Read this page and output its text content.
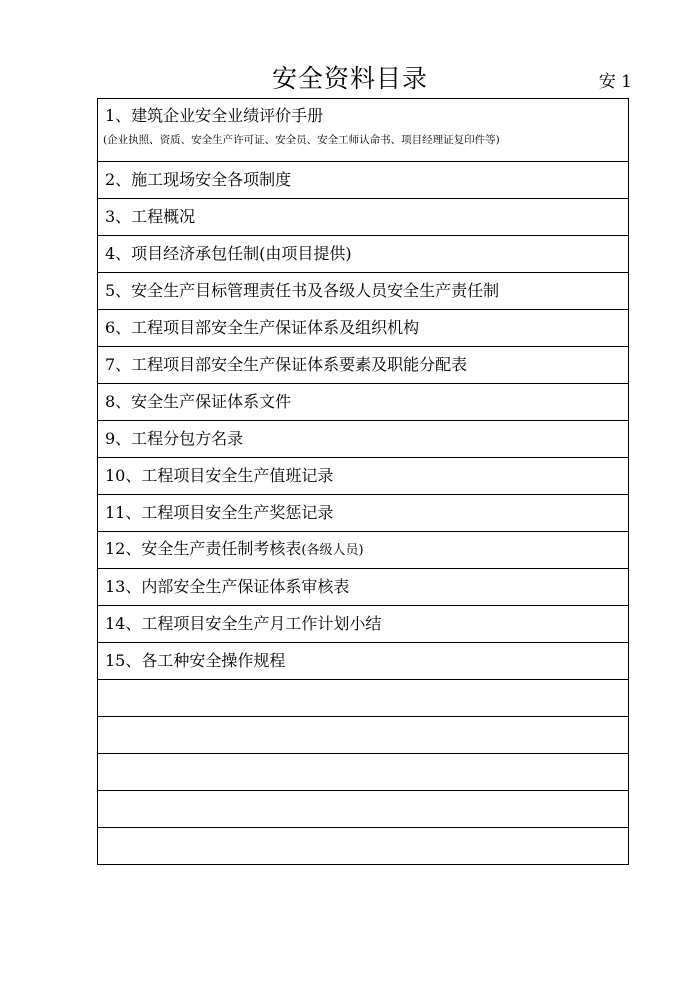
安全资料目录	安 1
1、建筑企业安全业绩评价手册
(企业执照、资质、安全生产许可证、安全员、安全工师认命书、项目经理证复印件等)

2、施工现场安全各项制度
3、工程概况
4、项目经济承包任制(由项目提供)
5、安全生产目标管理责任书及各级人员安全生产责任制
6、工程项目部安全生产保证体系及组织机构
7、工程项目部安全生产保证体系要素及职能分配表
8、安全生产保证体系文件
9、工程分包方名录
10、工程项目安全生产值班记录
11、工程项目安全生产奖惩记录
12、安全生产责任制考核表(各级人员)
13、内部安全生产保证体系审核表
14、工程项目安全生产月工作计划小结
15、各工种安全操作规程
